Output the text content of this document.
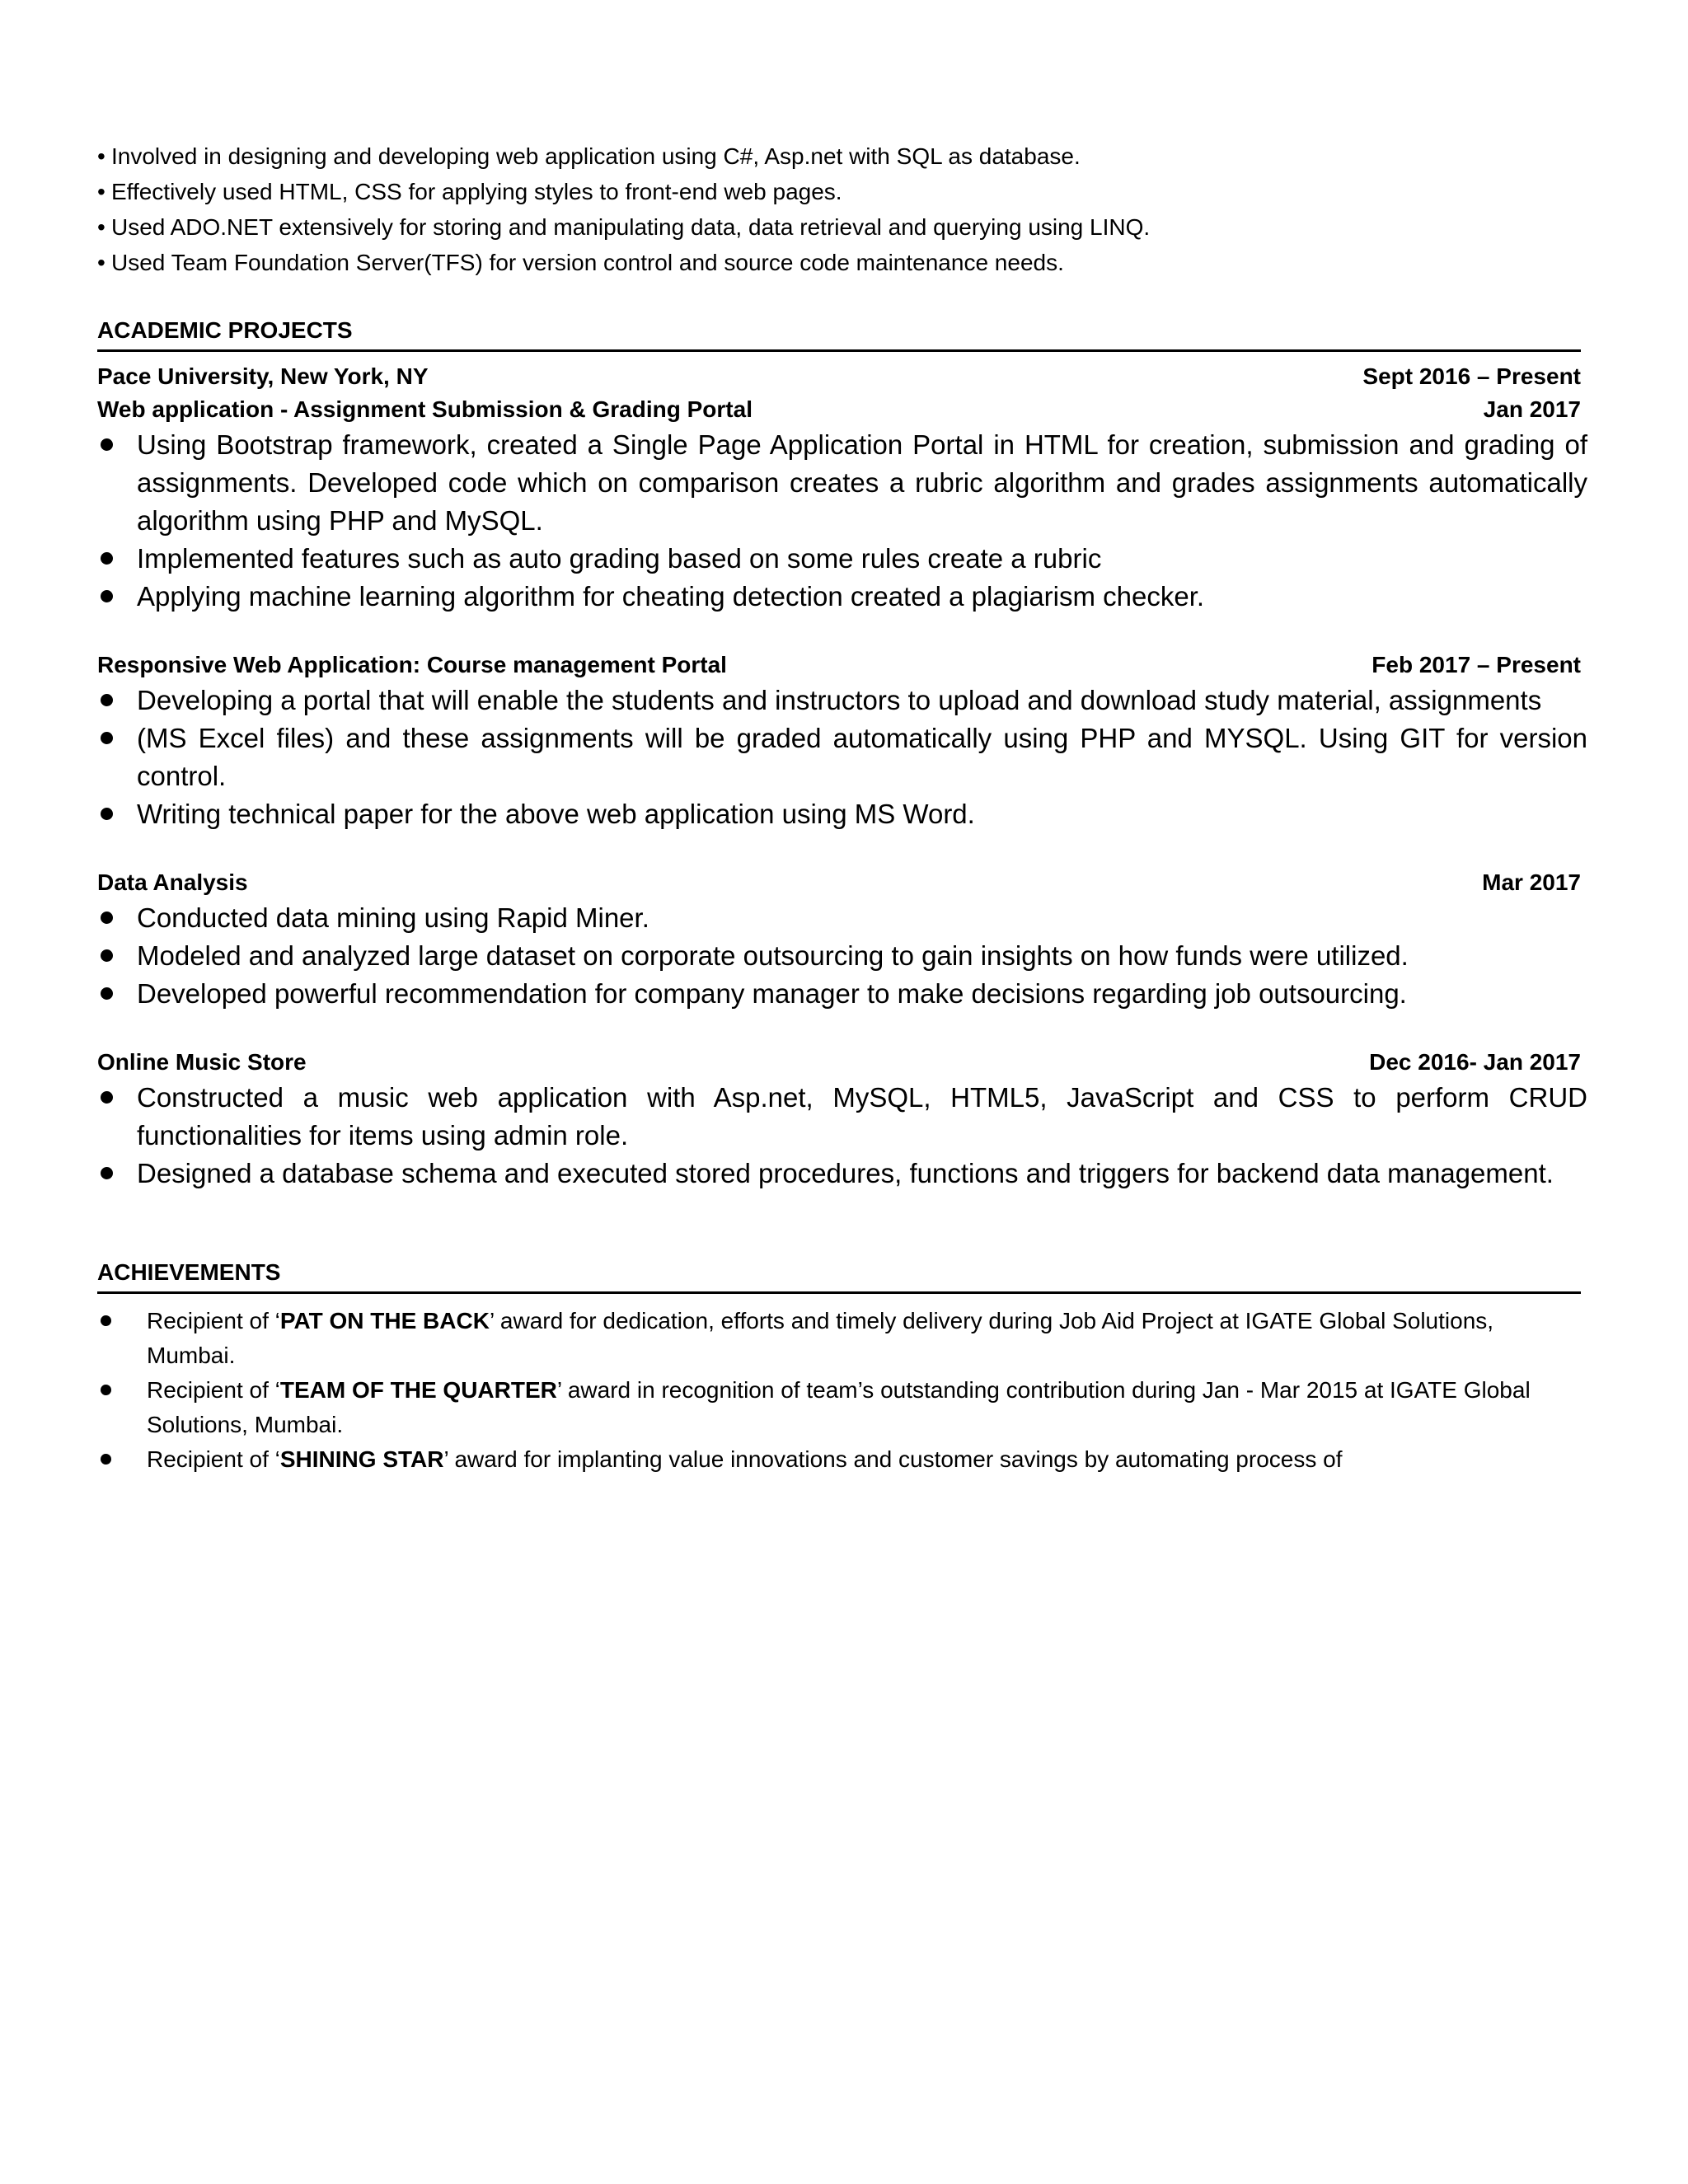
• Involved in designing and developing web application using C#, Asp.net with SQL as database.
• Effectively used HTML, CSS for applying styles to front-end web pages.
• Used ADO.NET extensively for storing and manipulating data, data retrieval and querying using LINQ.
• Used Team Foundation Server(TFS) for version control and source code maintenance needs.
ACADEMIC PROJECTS
Pace University, New York, NY	Sept 2016 – Present
Web application - Assignment Submission & Grading Portal	Jan 2017
Using Bootstrap framework, created a Single Page Application Portal in HTML for creation, submission and grading of assignments. Developed code which on comparison creates a rubric algorithm and grades assignments automatically algorithm using PHP and MySQL.
Implemented features such as auto grading based on some rules create a rubric
Applying machine learning algorithm for cheating detection created a plagiarism checker.
Responsive Web Application: Course management Portal	Feb 2017 – Present
Developing a portal that will enable the students and instructors to upload and download study material, assignments
(MS Excel files) and these assignments will be graded automatically using PHP and MYSQL. Using GIT for version control.
Writing technical paper for the above web application using MS Word.
Data Analysis	Mar 2017
Conducted data mining using Rapid Miner.
Modeled and analyzed large dataset on corporate outsourcing to gain insights on how funds were utilized.
Developed powerful recommendation for company manager to make decisions regarding job outsourcing.
Online Music Store	Dec 2016- Jan 2017
Constructed a music web application with Asp.net, MySQL, HTML5, JavaScript and CSS to perform CRUD functionalities for items using admin role.
Designed a database schema and executed stored procedures, functions and triggers for backend data management.
ACHIEVEMENTS
Recipient of ‘PAT ON THE BACK’ award for dedication, efforts and timely delivery during Job Aid Project at IGATE Global Solutions, Mumbai.
Recipient of ‘TEAM OF THE QUARTER’ award in recognition of team’s outstanding contribution during Jan - Mar 2015 at IGATE Global Solutions, Mumbai.
Recipient of ‘SHINING STAR’ award for implanting value innovations and customer savings by automating process of
